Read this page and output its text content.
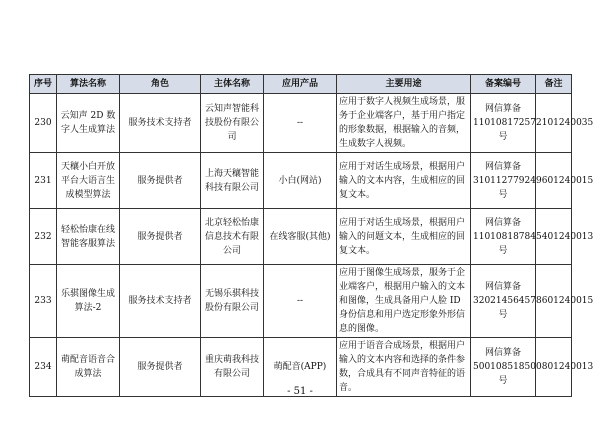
序号	算法名称	角色	主体名称	应用产品	主要用途	备案编号	备注
230	云知声 2D 数字人生成算法	服务技术支持者	云知声智能科技股份有限公司	--	应用于数字人视频生成场景，服务于企业端客户，基于用户指定的形象数据，根据输入的音频，生成数字人视频。	网信算备 110108172572101240035 号	
231	天穰小白开放平台大语言生成模型算法	服务提供者	上海天穰智能科技有限公司	小白(网站)	应用于对话生成场景，根据用户输入的文本内容，生成相应的回复文本。	网信算备 310112779249601240015 号	
232	轻松怡康在线智能客服算法	服务提供者	北京轻松怡康信息技术有限公司	在线客服(其他)	应用于对话生成场景，根据用户输入的问题文本，生成相应的回复文本。	网信算备 110108187845401240013 号	
233	乐骐图像生成算法-2	服务技术支持者	无锡乐骐科技股份有限公司	--	应用于图像生成场景，服务于企业端客户，根据用户输入的文本和图像，生成具备用户人脸 ID 身份信息和用户选定形象外形信息的图像。	网信算备 320214564578601240015 号	
234	萌配音语音合成算法	服务提供者	重庆萌我科技有限公司	萌配音(APP)	应用于语音合成场景，根据用户输入的文本内容和选择的条件参数，合成具有不同声音特征的语音。	网信算备 500108518500801240013 号	
- 51 -
